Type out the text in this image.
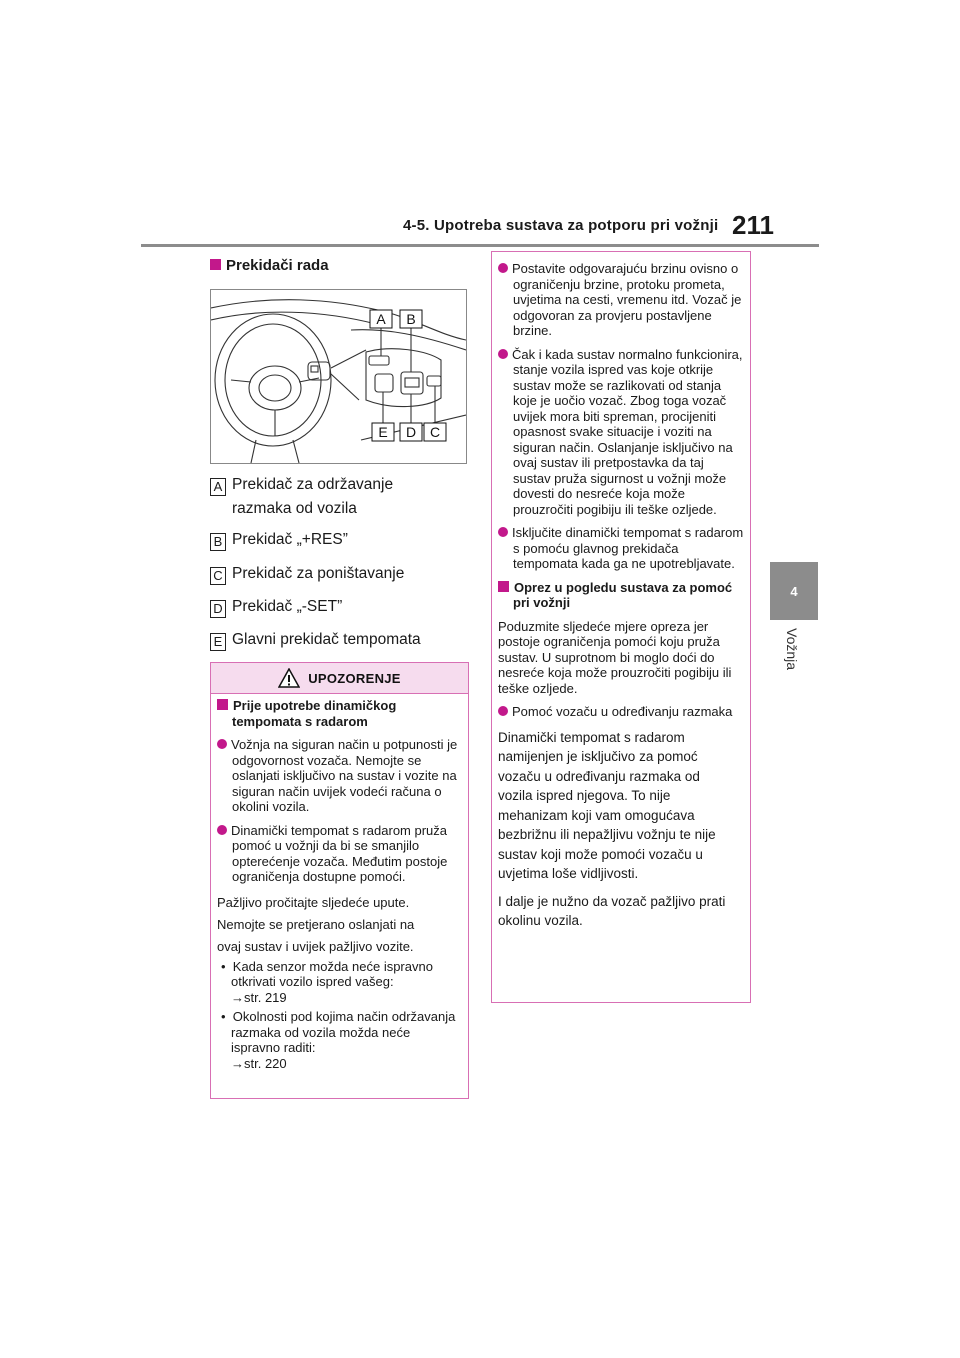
4-5. Upotreba sustava za potporu pri vožnji 211
4
Vožnja
Prekidači rada
A B
E D C
A Prekidač za održavanje
razmaka od vozila
B Prekidač „+RES”
C Prekidač za poništavanje
D Prekidač „-SET”
E Glavni prekidač tempomata
UPOZORENJE

Prije upotrebe dinamičkog tempomata s radarom

Vožnja na siguran način u potpunosti je odgovornost vozača. Nemojte se oslanjati isključivo na sustav i vozite na siguran način uvijek vodeći računa o okolini vozila.

Dinamički tempomat s radarom pruža pomoć u vožnji da bi se smanjilo opterećenje vozača. Međutim postoje ograničenja dostupne pomoći.

Pažljivo pročitajte sljedeće upute.

Nemojte se pretjerano oslanjati na

ovaj sustav i uvijek pažljivo vozite.

•  Kada senzor možda neće ispravno otkrivati vozilo ispred vašeg:
→str. 219

•  Okolnosti pod kojima način održavanja razmaka od vozila možda neće ispravno raditi:
→str. 220

Postavite odgovarajuću brzinu ovisno o ograničenju brzine, protoku prometa, uvjetima na cesti, vremenu itd. Vozač je odgovoran za provjeru postavljene brzine.

Čak i kada sustav normalno funkcionira, stanje vozila ispred vas koje otkrije sustav može se razlikovati od stanja koje je uočio vozač. Zbog toga vozač uvijek mora biti spreman, procijeniti opasnost svake situacije i voziti na siguran način. Oslanjanje isključivo na ovaj sustav ili pretpostavka da taj sustav pruža sigurnost u vožnji može dovesti do nesreće koja može prouzročiti pogibiju ili teške ozljede.

Isključite dinamički tempomat s radarom s pomoću glavnog prekidača tempomata kada ga ne upotrebljavate.

Oprez u pogledu sustava za pomoć pri vožnji

Poduzmite sljedeće mjere opreza jer postoje ograničenja pomoći koju pruža sustav. U suprotnom bi moglo doći do nesreće koja može prouzročiti pogibiju ili teške ozljede.

Pomoć vozaču u određivanju razmaka

Dinamički tempomat s radarom

namijenjen je isključivo za pomoć

vozaču u određivanju razmaka od

vozila ispred njegova. To nije

mehanizam koji vam omogućava

bezbrižnu ili nepažljivu vožnju te nije

sustav koji može pomoći vozaču u

uvjetima loše vidljivosti.

I dalje je nužno da vozač pažljivo prati

okolinu vozila.
